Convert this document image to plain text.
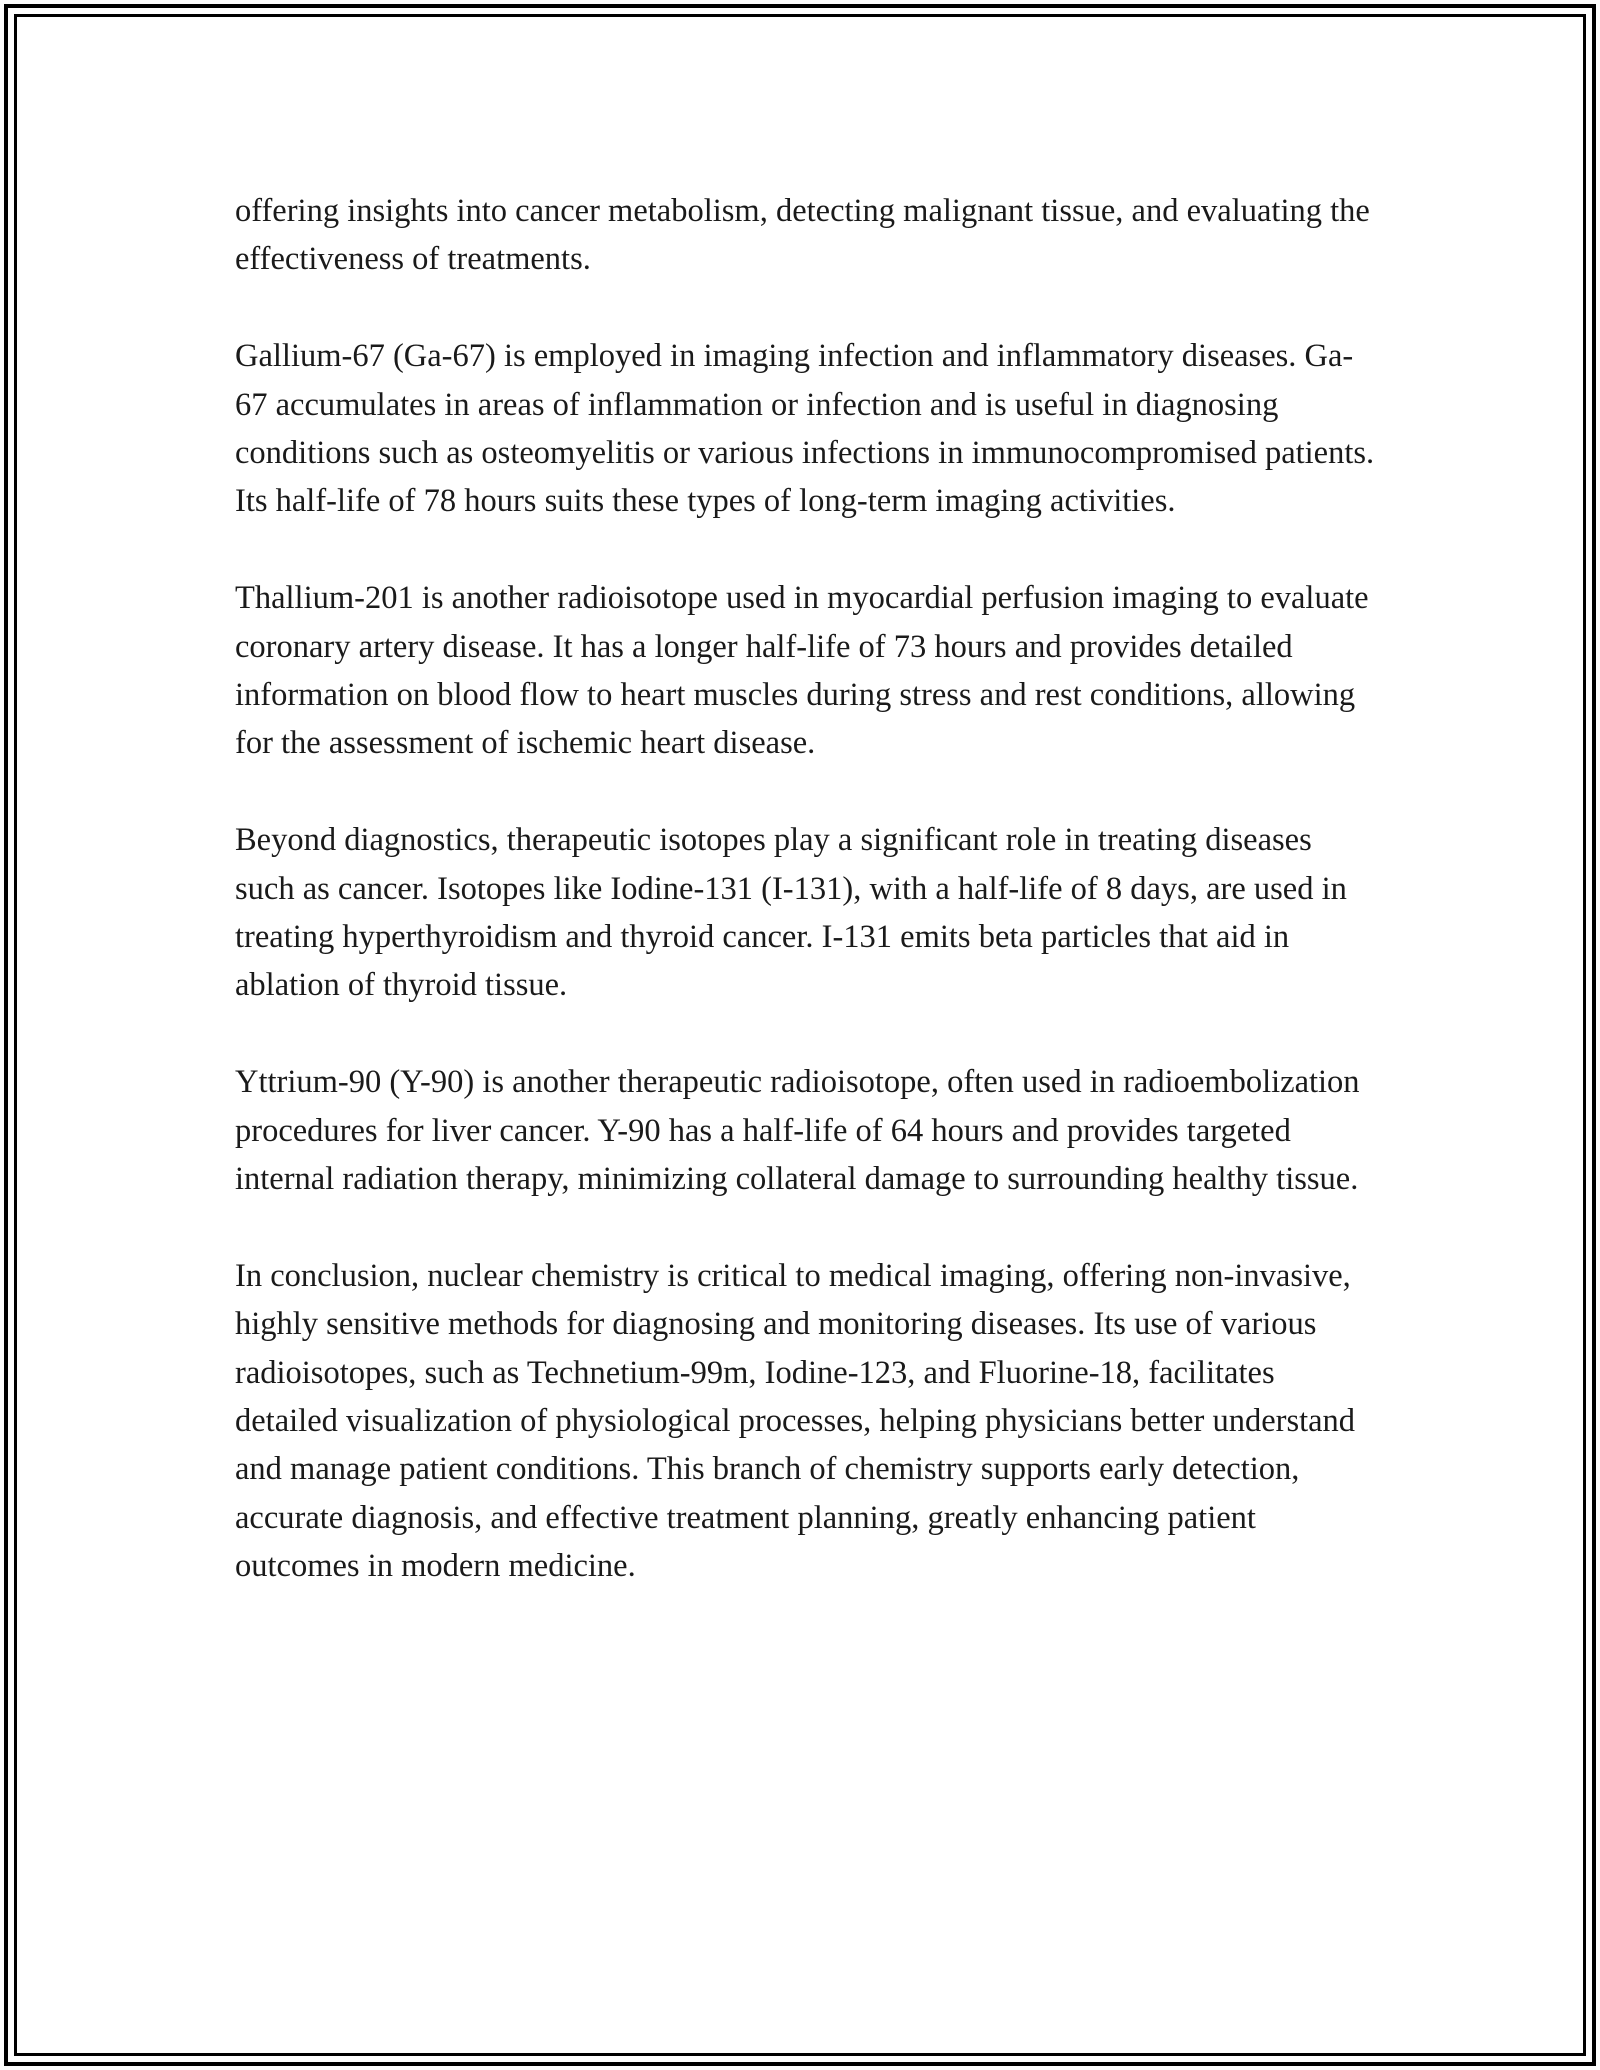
offering insights into cancer metabolism, detecting malignant tissue, and evaluating the effectiveness of treatments.

Gallium-67 (Ga-67) is employed in imaging infection and inflammatory diseases. Ga-67 accumulates in areas of inflammation or infection and is useful in diagnosing conditions such as osteomyelitis or various infections in immunocompromised patients. Its half-life of 78 hours suits these types of long-term imaging activities.

Thallium-201 is another radioisotope used in myocardial perfusion imaging to evaluate coronary artery disease. It has a longer half-life of 73 hours and provides detailed information on blood flow to heart muscles during stress and rest conditions, allowing for the assessment of ischemic heart disease.

Beyond diagnostics, therapeutic isotopes play a significant role in treating diseases such as cancer. Isotopes like Iodine-131 (I-131), with a half-life of 8 days, are used in treating hyperthyroidism and thyroid cancer. I-131 emits beta particles that aid in ablation of thyroid tissue.

Yttrium-90 (Y-90) is another therapeutic radioisotope, often used in radioembolization procedures for liver cancer. Y-90 has a half-life of 64 hours and provides targeted internal radiation therapy, minimizing collateral damage to surrounding healthy tissue.

In conclusion, nuclear chemistry is critical to medical imaging, offering non-invasive, highly sensitive methods for diagnosing and monitoring diseases. Its use of various radioisotopes, such as Technetium-99m, Iodine-123, and Fluorine-18, facilitates detailed visualization of physiological processes, helping physicians better understand and manage patient conditions. This branch of chemistry supports early detection, accurate diagnosis, and effective treatment planning, greatly enhancing patient outcomes in modern medicine.
